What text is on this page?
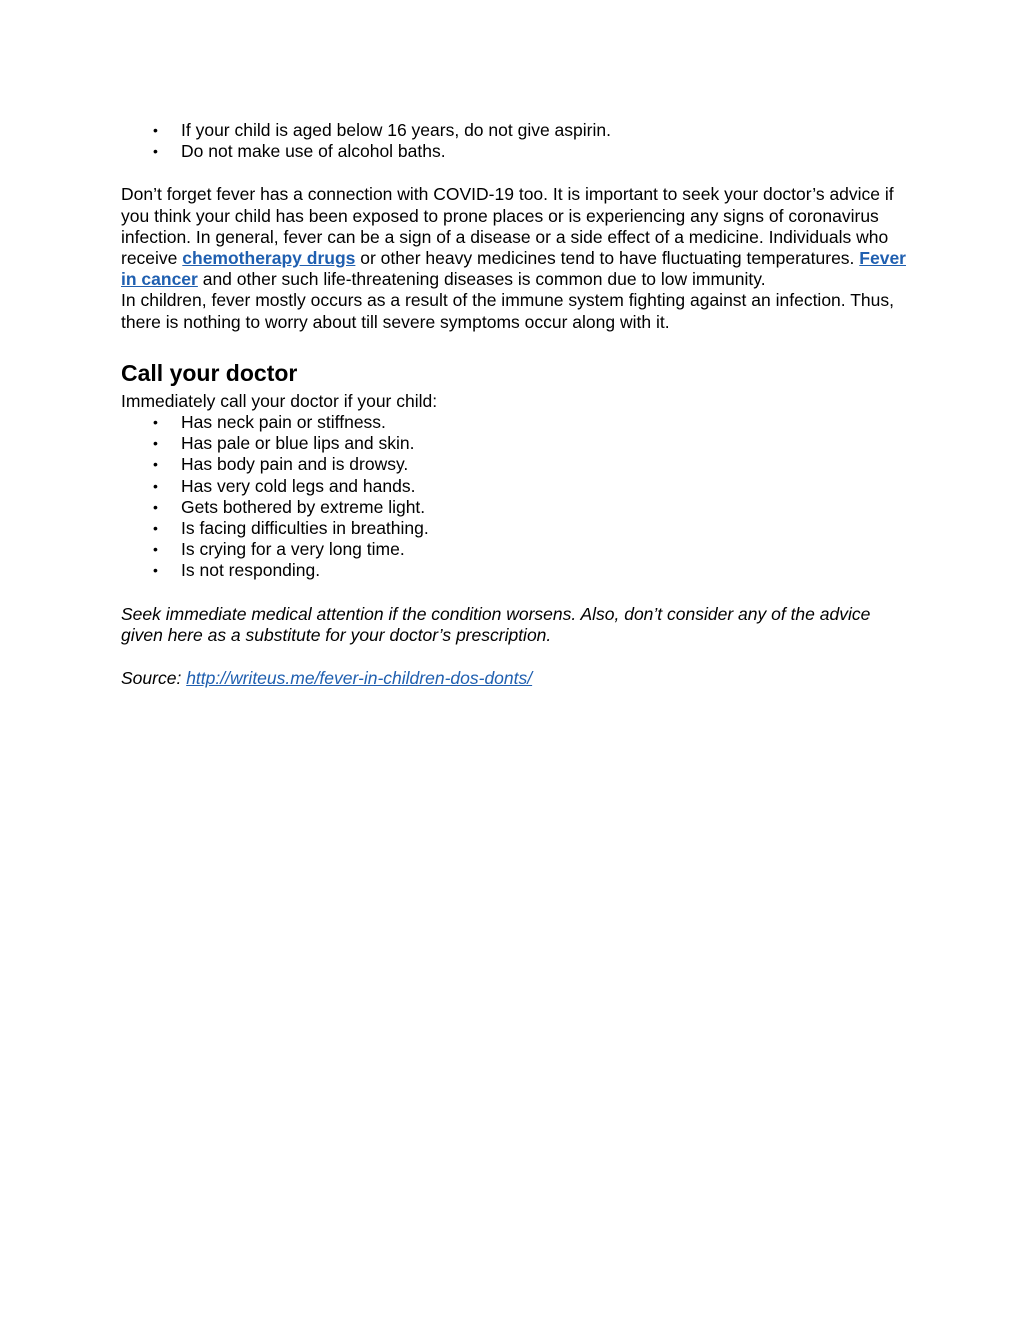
• If your child is aged below 16 years, do not give aspirin.
• Do not make use of alcohol baths.

Don’t forget fever has a connection with COVID-19 too. It is important to seek your doctor’s advice if you think your child has been exposed to prone places or is experiencing any signs of coronavirus infection. In general, fever can be a sign of a disease or a side effect of a medicine. Individuals who receive chemotherapy drugs or other heavy medicines tend to have fluctuating temperatures. Fever in cancer and other such life-threatening diseases is common due to low immunity.

In children, fever mostly occurs as a result of the immune system fighting against an infection. Thus, there is nothing to worry about till severe symptoms occur along with it.

Call your doctor

Immediately call your doctor if your child:

• Has neck pain or stiffness.
• Has pale or blue lips and skin.
• Has body pain and is drowsy.
• Has very cold legs and hands.
• Gets bothered by extreme light.
• Is facing difficulties in breathing.
• Is crying for a very long time.
• Is not responding.

Seek immediate medical attention if the condition worsens. Also, don’t consider any of the advice given here as a substitute for your doctor’s prescription.

Source: http://writeus.me/fever-in-children-dos-donts/
